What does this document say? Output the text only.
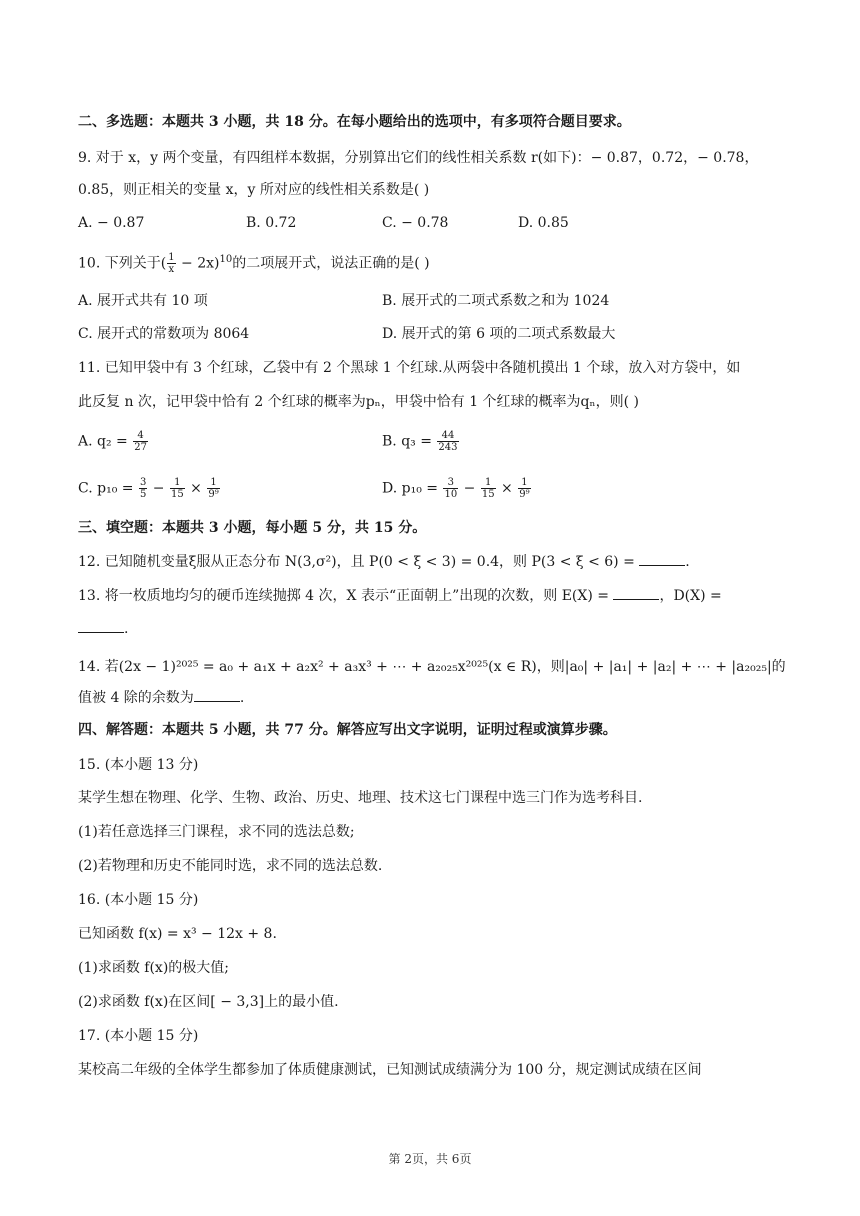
二、多选题：本题共 3 小题，共 18 分。在每小题给出的选项中，有多项符合题目要求。
9. 对于 x，y 两个变量，有四组样本数据，分别算出它们的线性相关系数 r(如下)：− 0.87，0.72，− 0.78，
0.85，则正相关的变量 x，y 所对应的线性相关系数是( )
A. − 0.87	B. 0.72	C. − 0.78	D. 0.85
10. 下列关于( $\frac{1}{x} - 2x)^{10}$的二项展开式，说法正确的是( )
A. 展开式共有 10 项	B. 展开式的二项式系数之和为 1024
C. 展开式的常数项为 8064	D. 展开式的第 6 项的二项式系数最大
11. 已知甲袋中有 3 个红球，乙袋中有 2 个黑球 1 个红球.从两袋中各随机摸出 1 个球，放入对方袋中，如
此反复 n 次，记甲袋中恰有 2 个红球的概率为pₙ，甲袋中恰有 1 个红球的概率为qₙ，则( )
A. $q_2 = \frac{4}{27}$	B. $q_3 = \frac{44}{243}$
C. $p_{10} = \frac{3}{5} - \frac{1}{15} \times \frac{1}{\text{9⁹}}$	D. $p_{10} = \frac{3}{10} - \frac{1}{15} \times \frac{1}{\text{9⁹}}$
三、填空题：本题共 3 小题，每小题 5 分，共 15 分。
12. 已知随机变量ξ服从正态分布 N(3,σ²)，且 P(0 < ξ < 3) = 0.4，则 P(3 < ξ < 6) =	.
13. 将一枚质地均匀的硬币连续抛掷 4 次，X 表示“正面朝上”出现的次数，则 E(X) =	，D(X) =
.
14. 若(2x − 1)²⁰²⁵ = a₀ + a₁x + a₂x² + a₃x³ + ⋯ + a₂₀₂₅x²⁰²⁵(x ∈ R)，则|a₀| + |a₁| + |a₂| + ⋯ + |a₂₀₂₅|的
值被 4 除的余数为	.
四、解答题：本题共 5 小题，共 77 分。解答应写出文字说明，证明过程或演算步骤。
15. (本小题 13 分)
某学生想在物理、化学、生物、政治、历史、地理、技术这七门课程中选三门作为选考科目.
(1)若任意选择三门课程，求不同的选法总数;
(2)若物理和历史不能同时选，求不同的选法总数.
16. (本小题 15 分)
已知函数 f(x) = x³ − 12x + 8.
(1)求函数 f(x)的极大值;
(2)求函数 f(x)在区间[ − 3,3]上的最小值.
17. (本小题 15 分)
某校高二年级的全体学生都参加了体质健康测试，已知测试成绩满分为 100 分，规定测试成绩在区间
第 2页，共 6页
